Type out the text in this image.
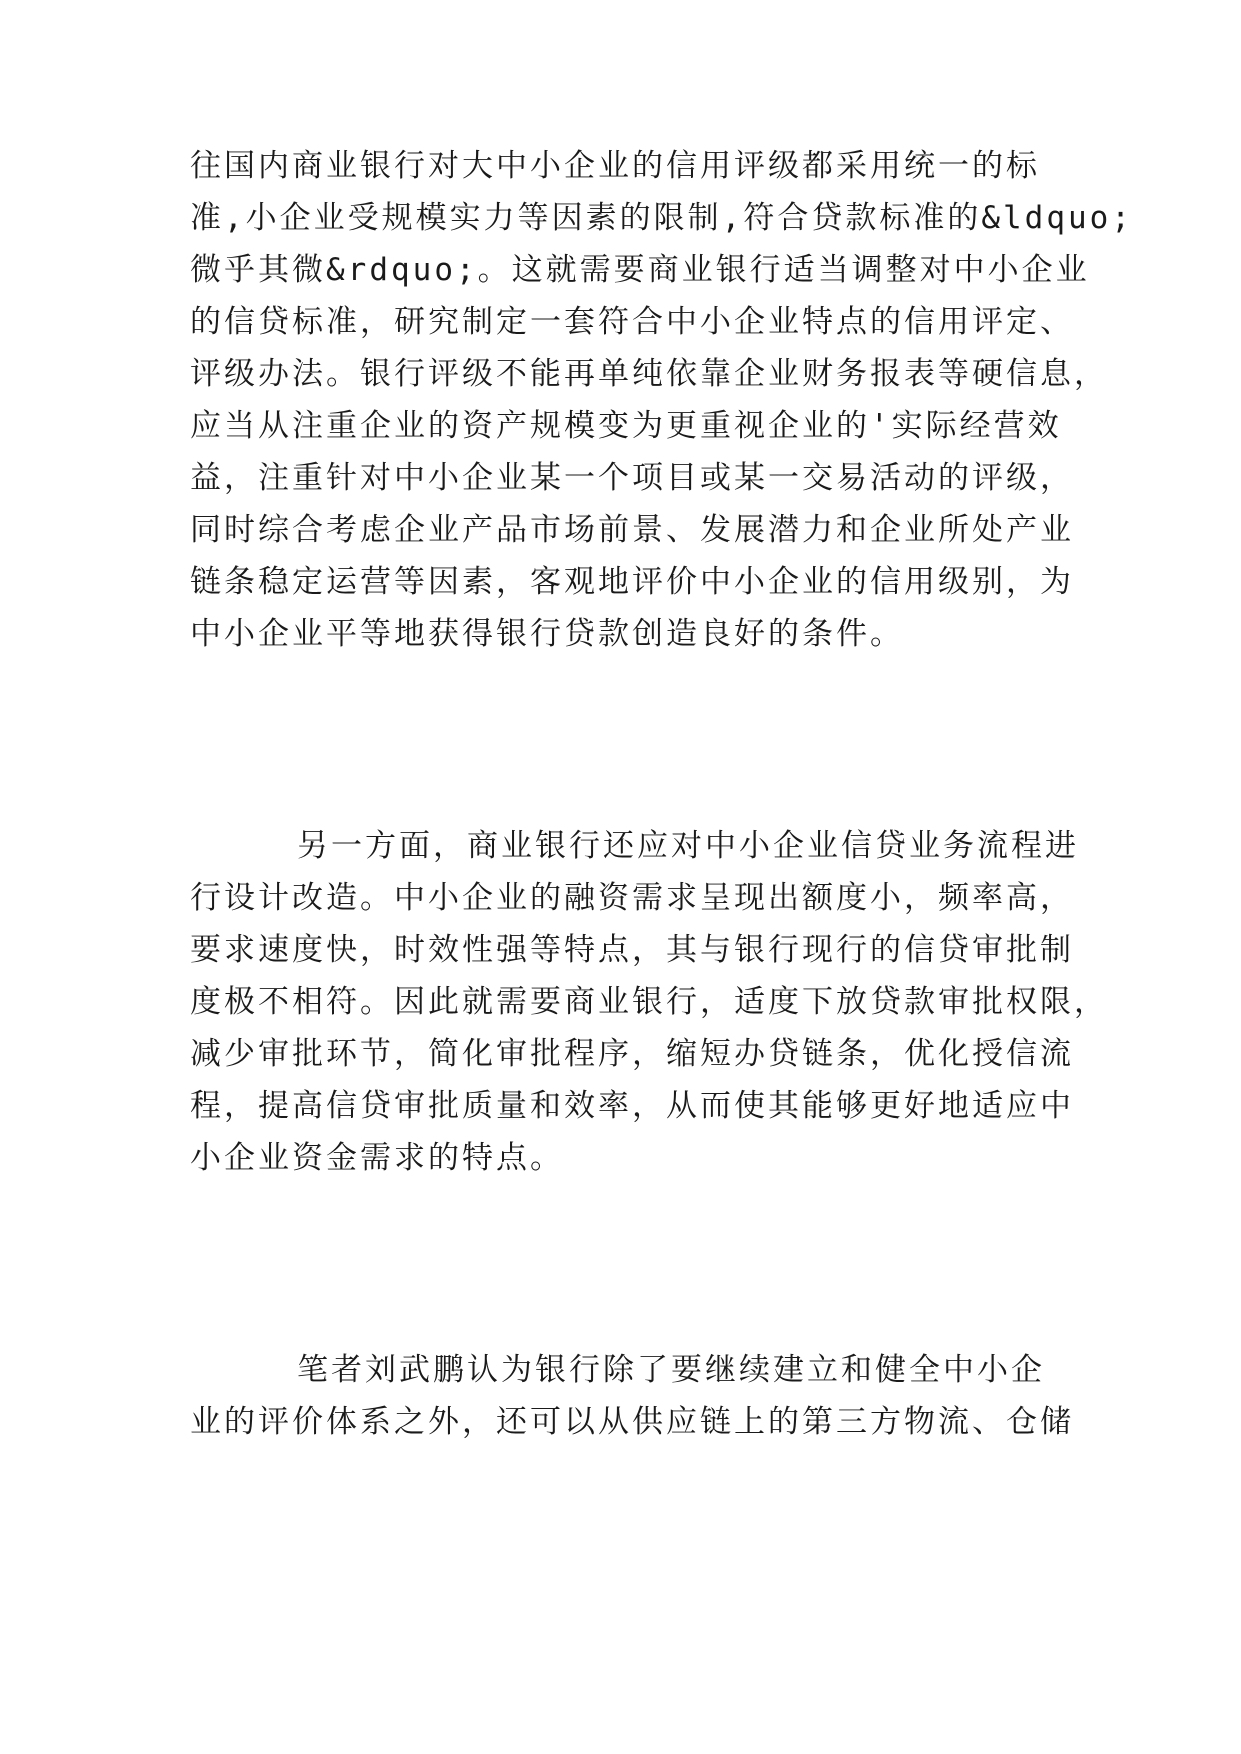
往国内商业银行对大中小企业的信用评级都采用统一的标
准,小企业受规模实力等因素的限制,符合贷款标准的&ldquo;
微乎其微&rdquo;。这就需要商业银行适当调整对中小企业
的信贷标准，研究制定一套符合中小企业特点的信用评定、
评级办法。银行评级不能再单纯依靠企业财务报表等硬信息，
应当从注重企业的资产规模变为更重视企业的'实际经营效
益，注重针对中小企业某一个项目或某一交易活动的评级，
同时综合考虑企业产品市场前景、发展潜力和企业所处产业
链条稳定运营等因素，客观地评价中小企业的信用级别，为
中小企业平等地获得银行贷款创造良好的条件。
另一方面，商业银行还应对中小企业信贷业务流程进
行设计改造。中小企业的融资需求呈现出额度小，频率高，
要求速度快，时效性强等特点，其与银行现行的信贷审批制
度极不相符。因此就需要商业银行，适度下放贷款审批权限，
减少审批环节，简化审批程序，缩短办贷链条，优化授信流
程，提高信贷审批质量和效率，从而使其能够更好地适应中
小企业资金需求的特点。
笔者刘武鹏认为银行除了要继续建立和健全中小企
业的评价体系之外，还可以从供应链上的第三方物流、仓储
